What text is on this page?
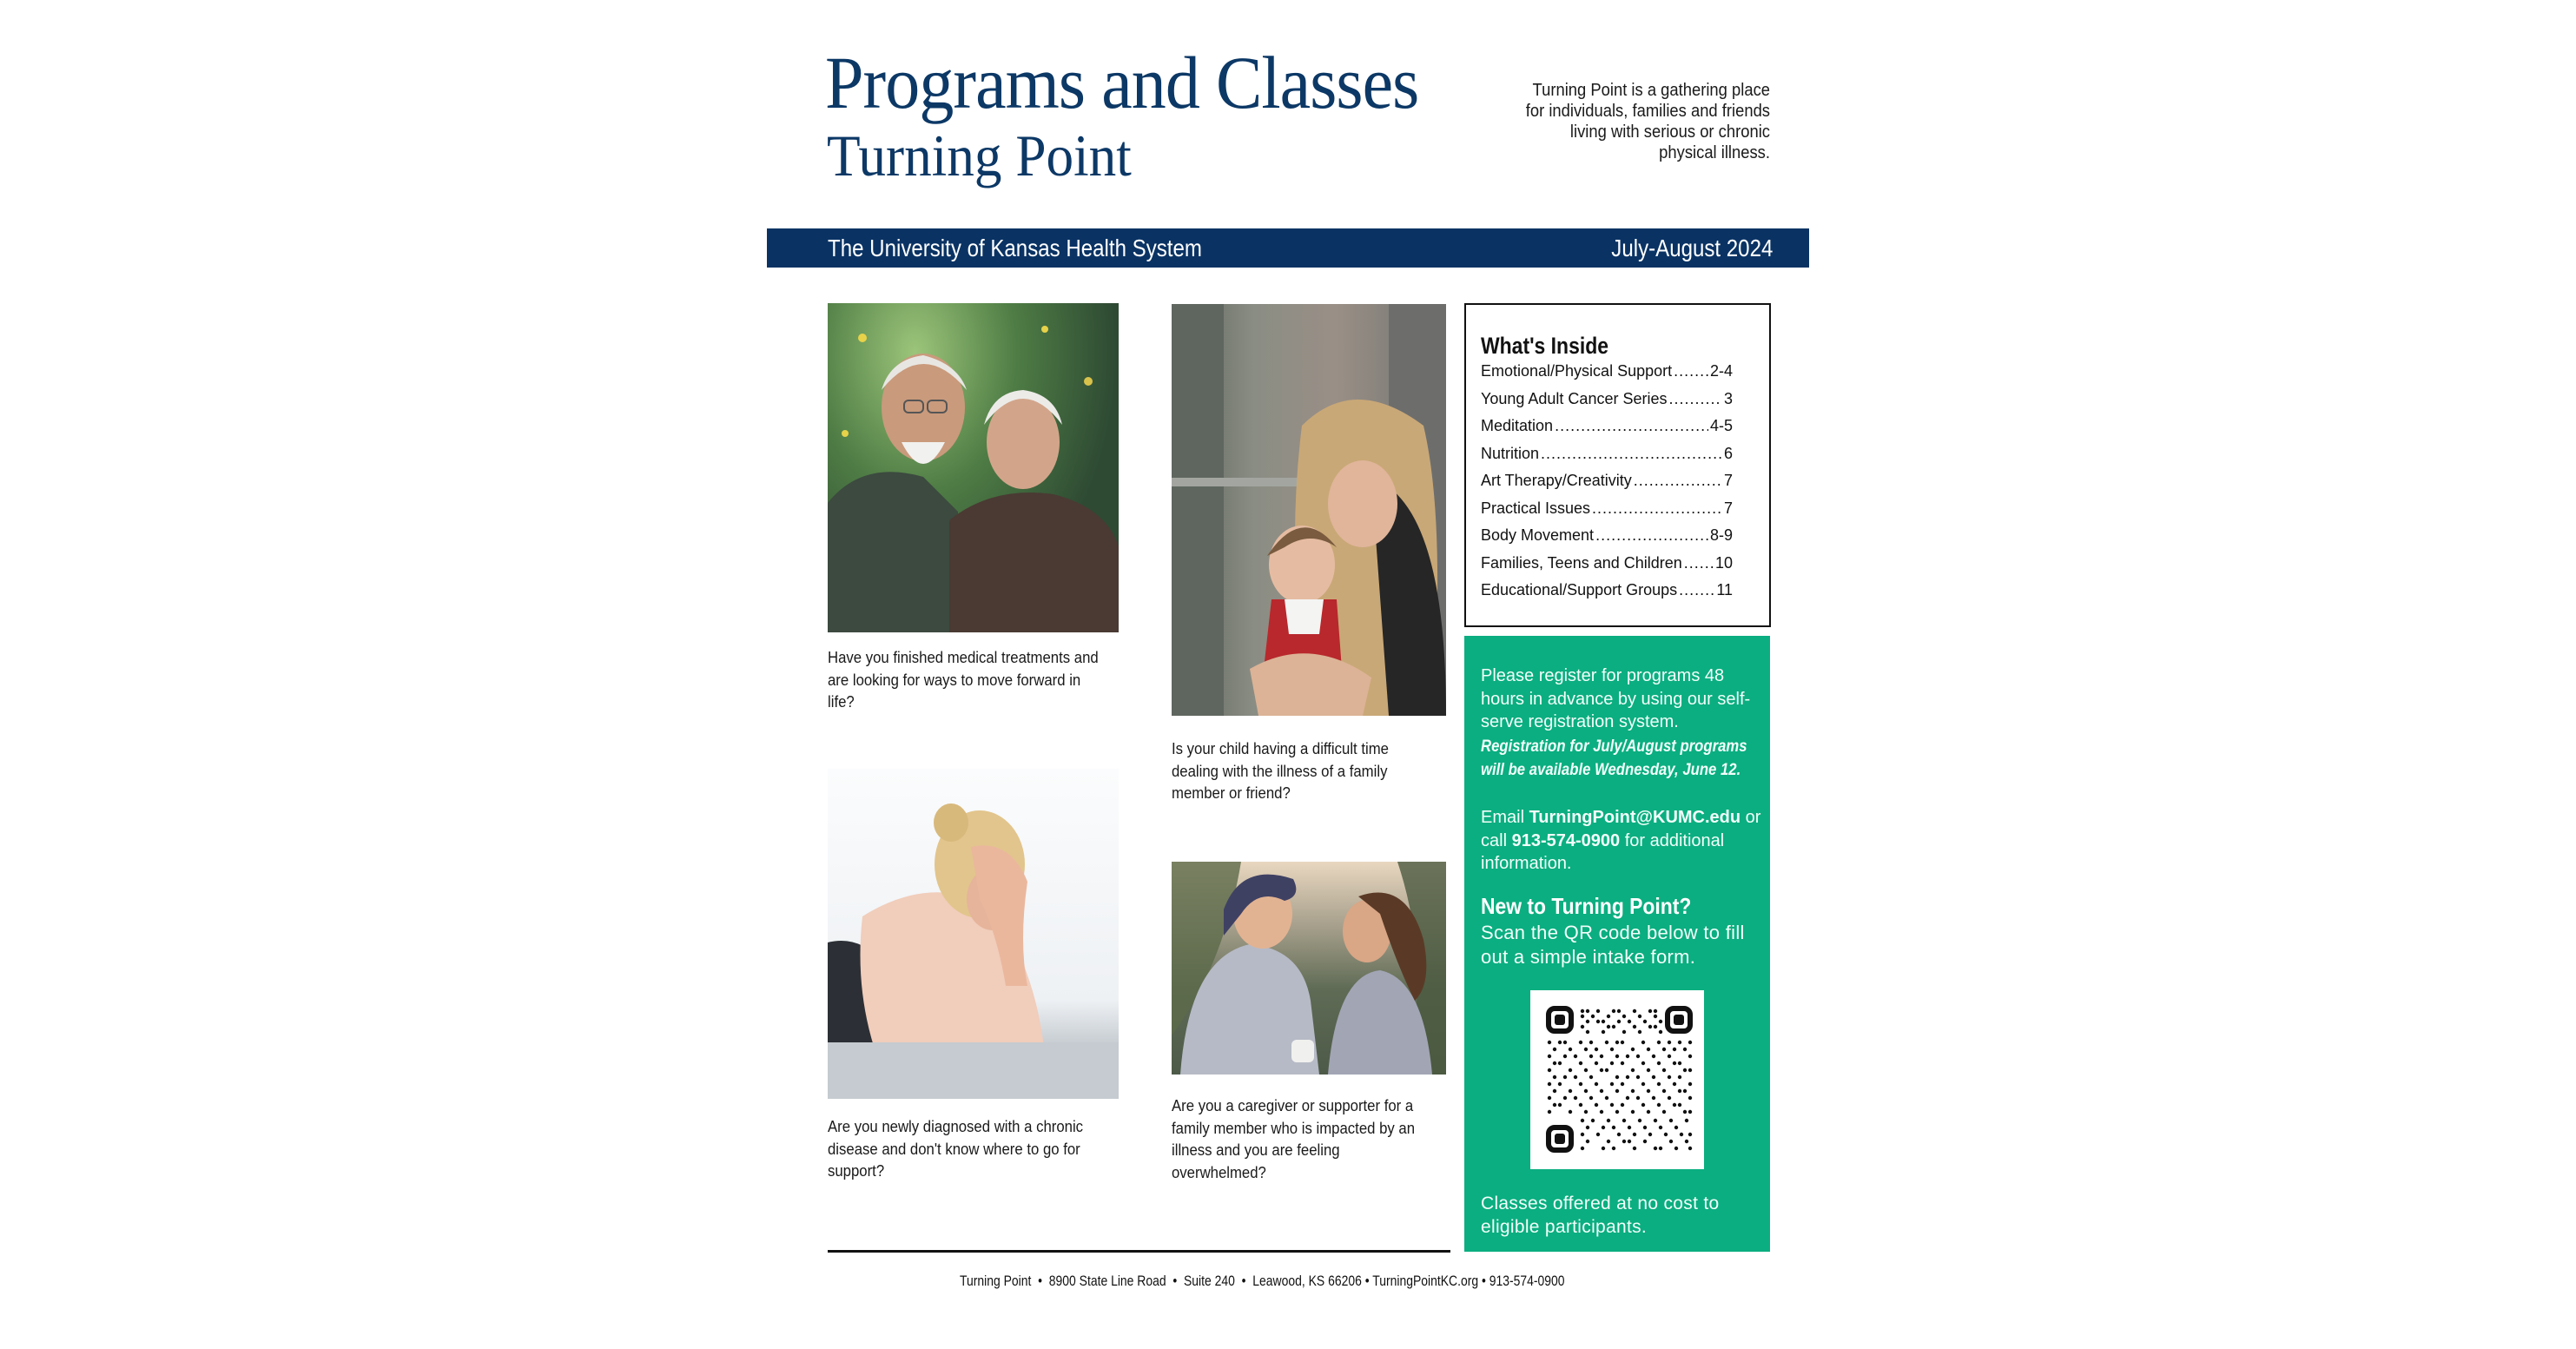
Programs and Classes
Turning Point
Turning Point is a gathering place for individuals, families and friends living with serious or chronic physical illness.
The University of Kansas Health System	July-August 2024
Have you finished medical treatments and are looking for ways to move forward in life?
Is your child having a difficult time dealing with the illness of a family member or friend?
Are you newly diagnosed with a chronic disease and don't know where to go for support?
Are you a caregiver or supporter for a family member who is impacted by an illness and you are feeling overwhelmed?
What's Inside
Emotional/Physical Support ..... 2-4
Young Adult Cancer Series .....	3
Meditation .....	4-5
Nutrition .....	6
Art Therapy/Creativity .....	7
Practical Issues .....	7
Body Movement .....	8-9
Families, Teens and Children ..... 10
Educational/Support Groups .....	11
Please register for programs 48 hours in advance by using our self-serve registration system.
Registration for July/August programs will be available Wednesday, June 12.
Email TurningPoint@KUMC.edu or call 913-574-0900 for additional information.
New to Turning Point?
Scan the QR code below to fill out a simple intake form.
Classes offered at no cost to eligible participants.
Turning Point  •  8900 State Line Road  •  Suite 240  •  Leawood, KS 66206 • TurningPointKC.org • 913-574-0900
